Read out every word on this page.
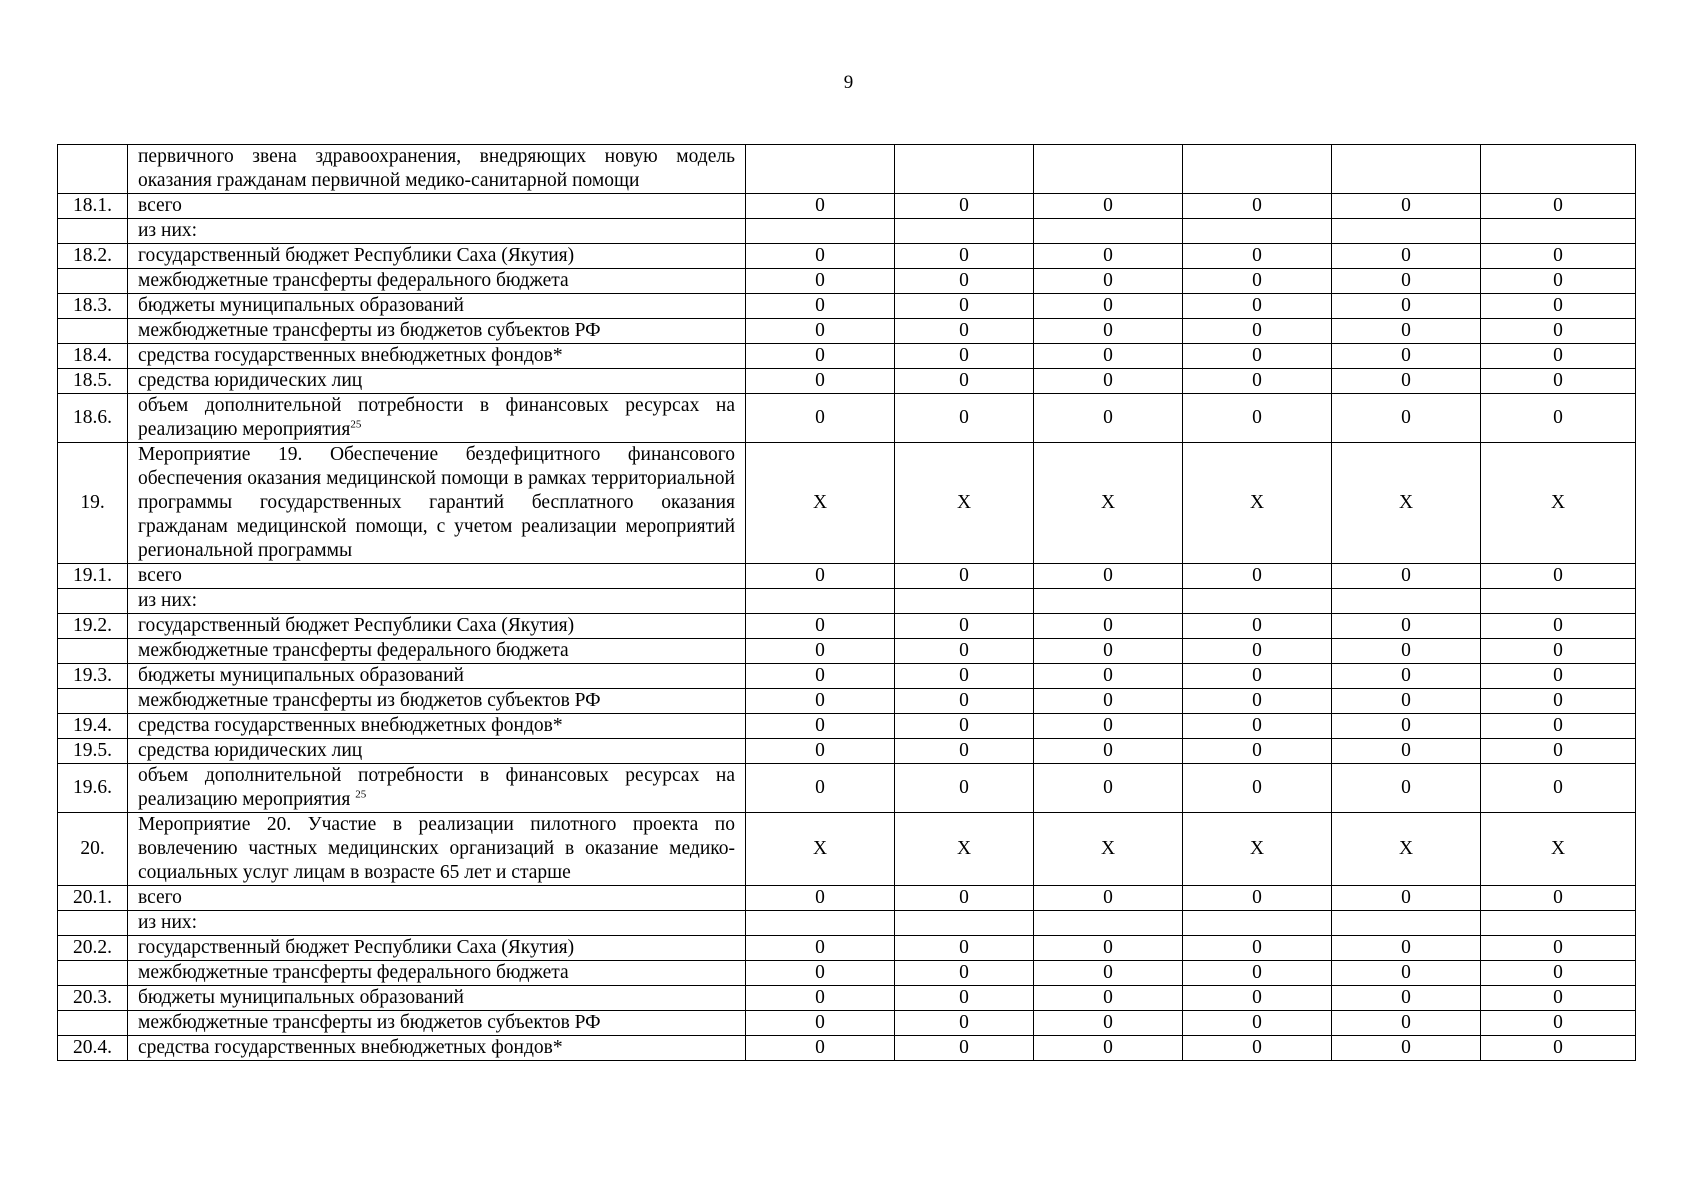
9
	первичного звена здравоохранения, внедряющих новую модель оказания гражданам первичной медико-санитарной помощи						
18.1.	всего	0	0	0	0	0	0
	из них:						
18.2.	государственный бюджет Республики Саха (Якутия)	0	0	0	0	0	0
	межбюджетные трансферты федерального бюджета	0	0	0	0	0	0
18.3.	бюджеты муниципальных образований	0	0	0	0	0	0
	межбюджетные трансферты из бюджетов субъектов РФ	0	0	0	0	0	0
18.4.	средства государственных внебюджетных фондов*	0	0	0	0	0	0
18.5.	средства юридических лиц	0	0	0	0	0	0
18.6.	объем дополнительной потребности в финансовых ресурсах на реализацию мероприятия$^{25}$	0	0	0	0	0	0
19.	Мероприятие 19. Обеспечение бездефицитного финансового обеспечения оказания медицинской помощи в рамках территориальной программы государственных гарантий бесплатного оказания гражданам медицинской помощи, с учетом реализации мероприятий региональной программы	X	X	X	X	X	X
19.1.	всего	0	0	0	0	0	0
	из них:						
19.2.	государственный бюджет Республики Саха (Якутия)	0	0	0	0	0	0
	межбюджетные трансферты федерального бюджета	0	0	0	0	0	0
19.3.	бюджеты муниципальных образований	0	0	0	0	0	0
	межбюджетные трансферты из бюджетов субъектов РФ	0	0	0	0	0	0
19.4.	средства государственных внебюджетных фондов*	0	0	0	0	0	0
19.5.	средства юридических лиц	0	0	0	0	0	0
19.6.	объем дополнительной потребности в финансовых ресурсах на реализацию мероприятия $^{25}$	0	0	0	0	0	0
20.	Мероприятие 20. Участие в реализации пилотного проекта по вовлечению частных медицинских организаций в оказание медико-социальных услуг лицам в возрасте 65 лет и старше	X	X	X	X	X	X
20.1.	всего	0	0	0	0	0	0
	из них:						
20.2.	государственный бюджет Республики Саха (Якутия)	0	0	0	0	0	0
	межбюджетные трансферты федерального бюджета	0	0	0	0	0	0
20.3.	бюджеты муниципальных образований	0	0	0	0	0	0
	межбюджетные трансферты из бюджетов субъектов РФ	0	0	0	0	0	0
20.4.	средства государственных внебюджетных фондов*	0	0	0	0	0	0
